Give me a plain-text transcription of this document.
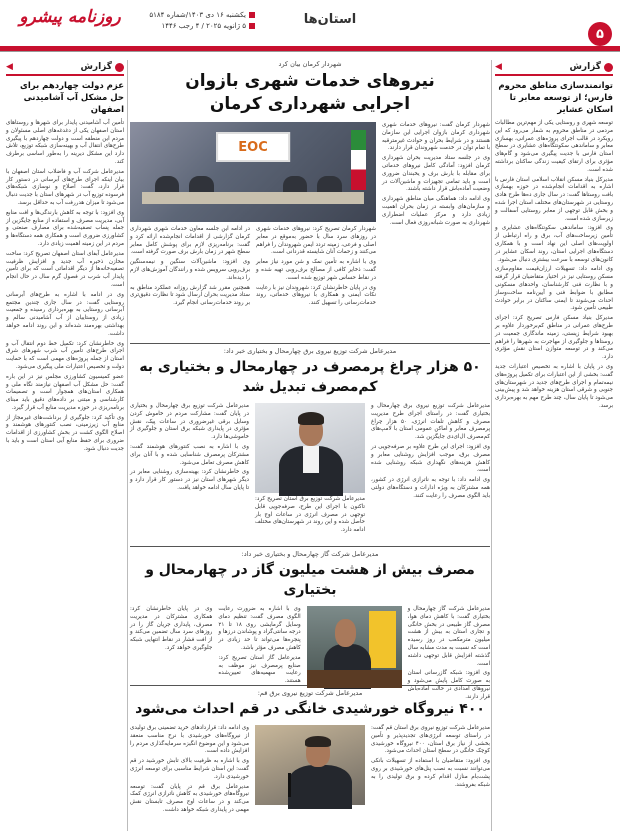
روزنامه پیشرو	یکشنبه ۱۶ دی ۱۴۰۳/شماره ۵۱۸۴
۵ ژانویه ۲۰۲۵ / ۴ رجب ۱۴۴۶	استان‌ها
۵
گزارش
◀
توانمندسازی مناطق محروم فارس؛ از توسعه معابر تا اسکان عشایر

توسعه شهری و روستایی یکی از مهم‌ترین مطالبات مردمی در مناطق محروم به شمار می‌رود که این رویکرد در قالب اجرای پروژه‌های عمرانی، بهسازی معابر و ساماندهی سکونتگاه‌های عشایری در سطح استان فارس با جدیت پیگیری می‌شود و گام‌های مؤثری برای ارتقای کیفیت زندگی ساکنان برداشته شده است.

مدیرکل بنیاد مسکن انقلاب اسلامی استان فارس با اشاره به اقدامات انجام‌شده در حوزه بهسازی بافت روستاها گفت: در سال جاری ده‌ها طرح هادی روستایی در شهرستان‌های مختلف استان اجرا شده و بخش قابل توجهی از معابر روستایی آسفالت و زیرسازی شده است.

وی افزود: ساماندهی سکونتگاه‌های عشایری و تأمین زیرساخت‌های آب، برق و راه ارتباطی از اولویت‌های اصلی این نهاد است و با همکاری دستگاه‌های اجرایی استان، روند اسکان عشایر در کانون‌های توسعه با سرعت بیشتری دنبال می‌شود.

وی ادامه داد: تسهیلات ارزان‌قیمت مقاوم‌سازی مسکن روستایی نیز در اختیار متقاضیان قرار گرفته و با نظارت فنی کارشناسان، واحدهای مسکونی مطابق با ضوابط فنی و آیین‌نامه ساخت‌وساز احداث می‌شوند تا ایمنی ساکنان در برابر حوادث طبیعی تأمین شود.

مدیرکل بنیاد مسکن فارس تصریح کرد: اجرای طرح‌های عمرانی در مناطق کم‌برخوردار علاوه بر بهبود شرایط زیستی، زمینه ماندگاری جمعیت در روستاها و جلوگیری از مهاجرت به شهرها را فراهم می‌کند و در توسعه متوازن استان نقش مؤثری دارد.

وی در پایان با اشاره به تخصیص اعتبارات جدید گفت: بخشی از این اعتبارات برای تکمیل پروژه‌های نیمه‌تمام و اجرای طرح‌های جدید در شهرستان‌های جنوبی و شرقی استان هزینه خواهد شد و پیش‌بینی می‌شود تا پایان سال، چند طرح مهم به بهره‌برداری برسد.

گزارش
◀
عزم دولت چهاردهم برای حل مشکل آب آشامیدنی اصفهان

تأمین آب آشامیدنی پایدار برای شهرها و روستاهای استان اصفهان یکی از دغدغه‌های اصلی مسئولان و مردم این منطقه است و دولت چهاردهم با پیگیری طرح‌های انتقال آب و بهینه‌سازی شبکه توزیع، تلاش دارد این مشکل دیرینه را به‌طور اساسی برطرف کند.

مدیرعامل شرکت آب و فاضلاب استان اصفهان با بیان اینکه اجرای طرح‌های آبرسانی در دستور کار قرار دارد، گفت: اصلاح و نوسازی شبکه‌های فرسوده توزیع آب در شهرهای استان با جدیت دنبال می‌شود تا میزان هدررفت آب به حداقل برسد.

وی افزود: با توجه به کاهش بارندگی‌ها و افت منابع آبی، مدیریت مصرف و استفاده از منابع جایگزین از جمله پساب تصفیه‌شده برای مصارف صنعتی و کشاورزی ضروری است و همکاری همه دستگاه‌ها و مردم در این زمینه اهمیت زیادی دارد.

مدیرعامل آبفای استان اصفهان تصریح کرد: ساخت مخازن ذخیره آب جدید و افزایش ظرفیت تصفیه‌خانه‌ها از دیگر اقداماتی است که برای تأمین پایدار آب شرب در فصول گرم سال در حال انجام است.

وی در ادامه با اشاره به طرح‌های آبرسانی روستایی گفت: در سال جاری چندین مجتمع آبرسانی روستایی به بهره‌برداری رسیده و جمعیت زیادی از روستاییان از آب آشامیدنی سالم و بهداشتی بهره‌مند شده‌اند و این روند ادامه خواهد داشت.

وی خاطرنشان کرد: تکمیل خط دوم انتقال آب و اجرای طرح‌های تأمین آب شرب شهرهای شرق استان از جمله پروژه‌های مهمی است که با حمایت دولت و تخصیص اعتبارات ملی پیگیری می‌شود.

عضو کمیسیون کشاورزی مجلس نیز در این باره گفت: حل مشکل آب اصفهان نیازمند نگاه ملی و همکاری استان‌های همجوار است و تصمیمات کارشناسی و مبتنی بر داده‌های دقیق باید مبنای برنامه‌ریزی در حوزه مدیریت منابع آب قرار گیرد.

وی تأکید کرد: جلوگیری از برداشت‌های غیرمجاز از منابع آب زیرزمینی، نصب کنتورهای هوشمند و اصلاح الگوی کشت در بخش کشاورزی از اقدامات ضروری برای حفظ منابع آبی استان است و باید با جدیت دنبال شود.

شهردار کرمان بیان کرد
نیروهای خدمات شهری بازوان اجرایی شهرداری کرمان

شهردار کرمان گفت: نیروهای خدمات شهری شهرداری کرمان بازوان اجرایی این سازمان هستند و در شرایط بحران و حوادث غیرمترقبه با تمام توان در خدمت شهروندان قرار دارند.

وی در جلسه ستاد مدیریت بحران شهرداری کرمان افزود: آمادگی کامل نیروهای خدماتی برای مقابله با بارش برف و یخبندان ضروری است و باید تمامی تجهیزات و ماشین‌آلات در وضعیت آماده‌باش قرار داشته باشند.

وی ادامه داد: هماهنگی میان مناطق شهرداری و سازمان‌های وابسته در زمان بحران اهمیت زیادی دارد و مرکز عملیات اضطراری شهرداری به صورت شبانه‌روزی فعال است.

EOC

شهردار کرمان تصریح کرد: نیروهای خدمات شهری در روزهای سرد سال با حضور به‌موقع در معابر اصلی و فرعی، زمینه تردد ایمن شهروندان را فراهم می‌کنند و زحمات آنان شایسته قدردانی است.

وی با اشاره به تأمین نمک و شن مورد نیاز معابر گفت: ذخایر کافی از مصالح برف‌روبی تهیه شده و در نقاط حساس شهر توزیع شده است.

وی در پایان خاطرنشان کرد: شهروندان نیز با رعایت نکات ایمنی و همکاری با نیروهای خدماتی، روند خدمات‌رسانی را تسهیل کنند.

در ادامه این جلسه معاون خدمات شهری شهرداری کرمان گزارشی از اقدامات انجام‌شده ارائه کرد و گفت: برنامه‌ریزی لازم برای پوشش کامل معابر سطح شهر در زمان بارش برف صورت گرفته است.

وی افزود: ماشین‌آلات سنگین و نیمه‌سنگین برف‌روبی سرویس شده و رانندگان آموزش‌های لازم را دیده‌اند.

همچنین مقرر شد گزارش روزانه عملکرد مناطق به ستاد مدیریت بحران ارسال شود تا نظارت دقیق‌تری بر روند خدمات‌رسانی انجام گیرد.

مدیرعامل شرکت توزیع نیروی برق چهارمحال و بختیاری خبر داد:
۵۰ هزار چراغ پرمصرف در چهارمحال و بختیاری به کم‌مصرف تبدیل شد

مدیرعامل شرکت توزیع نیروی برق چهارمحال و بختیاری گفت: در راستای اجرای طرح مدیریت مصرف و کاهش تلفات انرژی، ۵۰ هزار چراغ پرمصرف معابر و اماکن عمومی استان با لامپ‌های کم‌مصرف ال‌ای‌دی جایگزین شد.

وی افزود: اجرای این طرح علاوه بر صرفه‌جویی در مصرف برق، موجب افزایش روشنایی معابر و کاهش هزینه‌های نگهداری شبکه روشنایی شده است.

وی ادامه داد: با توجه به ناترازی انرژی در کشور، همه مشترکان به ویژه ادارات و دستگاه‌های دولتی باید الگوی مصرف را رعایت کنند.

مدیرعامل شرکت توزیع برق استان تصریح کرد: تاکنون با اجرای این طرح، صرفه‌جویی قابل توجهی در مصرف انرژی در ساعات اوج بار حاصل شده و این روند در شهرستان‌های مختلف ادامه دارد.

مدیرعامل شرکت توزیع برق چهارمحال و بختیاری در پایان گفت: مشارکت مردم در خاموش کردن وسایل برقی غیرضروری در ساعات پیک، نقش مؤثری در پایداری شبکه برق استان و جلوگیری از خاموشی‌ها دارد.

وی با اشاره به نصب کنتورهای هوشمند گفت: مشترکان پرمصرف شناسایی شده و با آنان برای کاهش مصرف تعامل می‌شود.

وی خاطرنشان کرد: بهینه‌سازی روشنایی معابر در دیگر شهرهای استان نیز در دستور کار قرار دارد و تا پایان سال ادامه خواهد یافت.

مدیرعامل شرکت گاز چهارمحال و بختیاری خبر داد:
مصرف بیش از هشت میلیون گاز در چهارمحال و بختیاری

مدیرعامل شرکت گاز چهارمحال و بختیاری گفت: با کاهش دمای هوا، مصرف گاز طبیعی در بخش خانگی و تجاری استان به بیش از هشت میلیون مترمکعب در روز رسیده است که نسبت به مدت مشابه سال گذشته افزایش قابل توجهی داشته است.

وی افزود: شبکه گازرسانی استان به صورت کامل پایش می‌شود و نیروهای امدادی در حالت آماده‌باش قرار دارند.

وی با اشاره به ضرورت رعایت الگوی مصرف گفت: تنظیم دمای وسایل گرمایشی روی ۱۸ تا ۲۱ درجه سانتی‌گراد و پوشاندن درزها و پنجره‌ها می‌تواند تا حد زیادی در کاهش مصرف مؤثر باشد.

مدیرعامل گاز استان تصریح کرد: صنایع پرمصرف نیز موظف به رعایت سهمیه‌های تعیین‌شده هستند.

وی در پایان خاطرنشان کرد: همکاری مشترکان در مدیریت مصرف، پایداری جریان گاز را در روزهای سرد سال تضمین می‌کند و از افت فشار در نقاط انتهایی شبکه جلوگیری خواهد کرد.

مدیرعامل شرکت توزیع نیروی برق قم:
۴۰۰ نیروگاه خورشیدی خانگی در قم احداث می‌شود

مدیرعامل شرکت توزیع نیروی برق استان قم گفت: در راستای توسعه انرژی‌های تجدیدپذیر و تأمین بخشی از نیاز برق استان، ۴۰۰ نیروگاه خورشیدی کوچک خانگی در سطح استان احداث می‌شود.

وی افزود: متقاضیان با استفاده از تسهیلات بانکی می‌توانند نسبت به نصب پنل‌های خورشیدی بر روی پشت‌بام منازل اقدام کرده و برق تولیدی را به شبکه بفروشند.

وی ادامه داد: قراردادهای خرید تضمینی برق تولیدی از نیروگاه‌های خورشیدی با نرخ مناسب منعقد می‌شود و این موضوع انگیزه سرمایه‌گذاری مردم را افزایش داده است.

وی با اشاره به ظرفیت بالای تابش خورشید در قم گفت: این استان شرایط مناسبی برای توسعه انرژی خورشیدی دارد.

مدیرعامل برق قم در پایان گفت: توسعه نیروگاه‌های خورشیدی به کاهش ناترازی انرژی کمک می‌کند و در ساعات اوج مصرف تابستان نقش مهمی در پایداری شبکه خواهد داشت.
